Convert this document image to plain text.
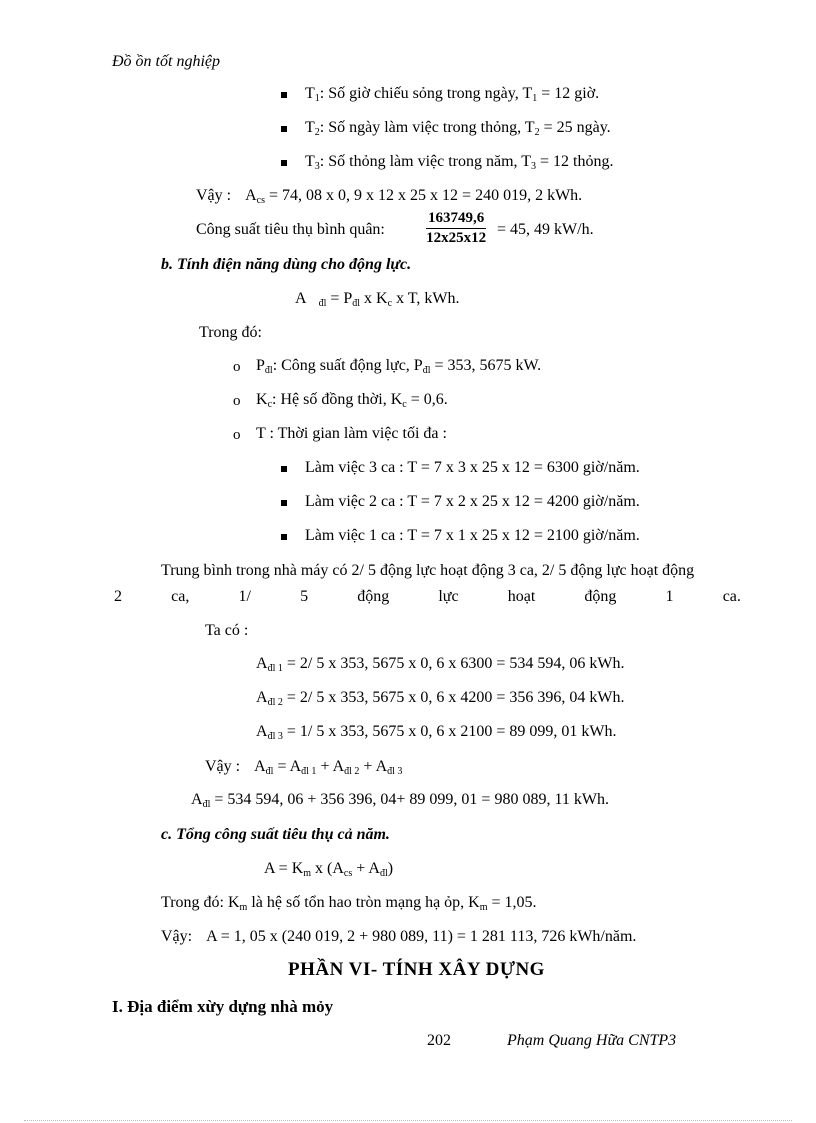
Đồ ồn tốt nghiệp
$T_1$: Số giờ chiếu sỏng trong ngày, $T_1 = 12$ giờ.
$T_2$: Số ngày làm việc trong thỏng, $T_2 = 25$ ngày.
$T_3$: Số thỏng làm việc trong năm, $T_3 = 12$ thỏng.
Vậy : $A_{cs} = 74$, 08 x 0, 9 x 12 x 25 x 12 = 240 019, 2 kWh.
Công suất tiêu thụ bình quân:	$\frac{163749,6}{12x25x12} = 45$, 49 kW/h.
b. Tính điện năng dùng cho động lực.
A $_{đl} = P_{đl}$ x $K_c$ x T, kWh.
Trong đó:
o $P_{đl}$: Công suất động lực, $P_{đl} = 353$, 5675 kW.
o $K_c$: Hệ số đồng thời, $K_c = 0,6$.
o T : Thời gian làm việc tối đa :
Làm việc 3 ca : T = 7 x 3 x 25 x 12 = 6300 giờ/năm.
Làm việc 2 ca : T = 7 x 2 x 25 x 12 = 4200 giờ/năm.
Làm việc 1 ca : T = 7 x 1 x 25 x 12 = 2100 giờ/năm.
Trung bình trong nhà máy có 2/ 5 động lực hoạt động 3 ca, 2/ 5 động lực hoạt động
2	ca,	1/	5	động	lực	hoạt	động	1	ca.
Ta có :
$A_{đl 1} = 2/$ 5 x 353, 5675 x 0, 6 x 6300 = 534 594, 06 kWh.
$A_{đl 2} = 2/$ 5 x 353, 5675 x 0, 6 x 4200 = 356 396, 04 kWh.
$A_{đl 3} = 1/$ 5 x 353, 5675 x 0, 6 x 2100 = 89 099, 01 kWh.
Vậy : $A_{đl} = A_{đl 1} + A_{đl 2} + A_{đl 3}$
$A_{đl} = 534$ 594, 06 + 356 396, 04+ 89 099, 01 = 980 089, 11 kWh.
c. Tổng công suất tiêu thụ cả năm.
$A = K_m$ x $(A_{cs} + A_{đl})$
Trong đó: $K_m$ là hệ số tổn hao tròn mạng hạ ỏp, $K_m = 1,05$.
Vậy: A = 1, 05 x (240 019, 2 + 980 089, 11) = 1 281 113, 726 kWh/năm.
PHẦN VI- TÍNH XÂY DỰNG
I. Địa điểm xừy dựng nhà mỏy
202	Phạm Quang Hữa CNTP3
